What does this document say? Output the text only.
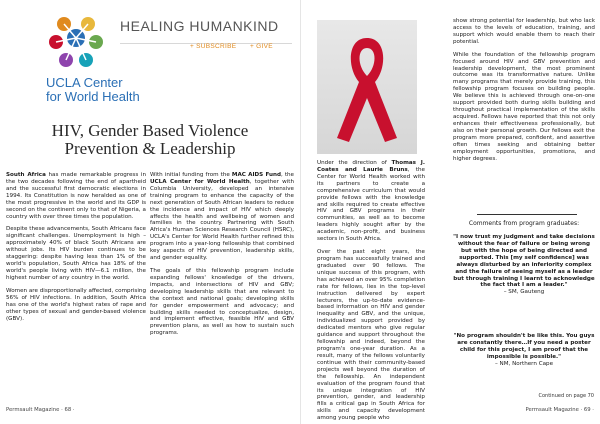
HEALING HUMANKIND
+ SUBSCRIBE + GIVE
UCLA Center
for World Health
HIV, Gender Based Violence
Prevention & Leadership

South Africa has made remarkable progress in the two decades following the end of apartheid and the successful first democratic elections in 1994. Its Constitution is now heralded as one of the most progressive in the world and its GDP is second on the continent only to that of Nigeria, a country with over three times the population.

Despite these advancements, South Africans face significant challenges. Unemployment is high – approximately 40% of black South Africans are without jobs. Its HIV burden continues to be staggering: despite having less than 1% of the world's population, South Africa has 18% of the world's people living with HIV—6.1 million, the highest number of any country in the world.

Women are disproportionally affected, comprising 56% of HIV infections. In addition, South Africa has one of the world's highest rates of rape and other types of sexual and gender-based violence (GBV).

With initial funding from the MAC AIDS Fund, the UCLA Center for World Health, together with Columbia University, developed an intensive training program to enhance the capacity of the next generation of South African leaders to reduce the incidence and impact of HIV which deeply affects the health and wellbeing of women and families in the country. Partnering with South Africa's Human Sciences Research Council (HSRC), UCLA's Center for World Health further refined this program into a year-long fellowship that combined key aspects of HIV prevention, leadership skills, and gender equality.

The goals of this fellowship program include expanding fellows' knowledge of the drivers, impacts, and intersections of HIV and GBV; developing leadership skills that are relevant to the context and national goals; developing skills for gender empowerment and advocacy; and building skills needed to conceptualize, design, and implement effective, feasible HIV and GBV prevention plans, as well as how to sustain such programs.

Permsault Magazine · 68 ·

Under the direction of Thomas J. Coates and Laurie Bruns, the Center for World Health worked with its partners to create a comprehensive curriculum that would provide fellows with the knowledge and skills required to create effective HIV and GBV programs in their communities, as well as to become leaders highly sought after by the academic, non-profit, and business sectors in South Africa.

Over the past eight years, the program has successfully trained and graduated over 90 fellows. The unique success of this program, with has achieved an over 95% completion rate for fellows, lies in the top-level instruction delivered by expert lecturers, the up-to-date evidence-based information on HIV and gender inequality and GBV, and the unique, individualized support provided by dedicated mentors who give regular guidance and support throughout the fellowship and indeed, beyond the program's one-year duration. As a result, many of the fellows voluntarily continue with their community-based projects well beyond the duration of the fellowship. An independent evaluation of the program found that its unique integration of HIV prevention, gender, and leadership fills a critical gap in South Africa for skills and capacity development among young people who

show strong potential for leadership, but who lack access to the levels of education, training, and support which would enable them to reach their potential.

While the foundation of the fellowship program focused around HIV and GBV prevention and leadership development, the most prominent outcome was its transformative nature. Unlike many programs that merely provide training, this fellowship program focuses on building people. We believe this is achieved through one-on-one support provided both during skills building and throughout practical implementation of the skills acquired. Fellows have reported that this not only enhances their effectiveness professionally, but also on their personal growth. Our fellows exit the program more prepared, confident, and assertive often times seeking and obtaining better employment opportunities, promotions, and higher degrees.

Comments from program graduates:
"I now trust my judgment and take decisions without the fear of failure or being wrong but with the hope of being directed and supported. This [my self confidence] was always disturbed by an inferiority complex and the failure of seeing myself as a leader but through training I learnt to acknowledge the fact that I am a leader."
– SM, Gauteng
"No program shouldn't be like this. You guys are constantly there…If you need a poster child for this project, I am proof that the impossible is possible."
– NM, Northern Cape
Continued on page 70
Permsault Magazine · 69 ·
